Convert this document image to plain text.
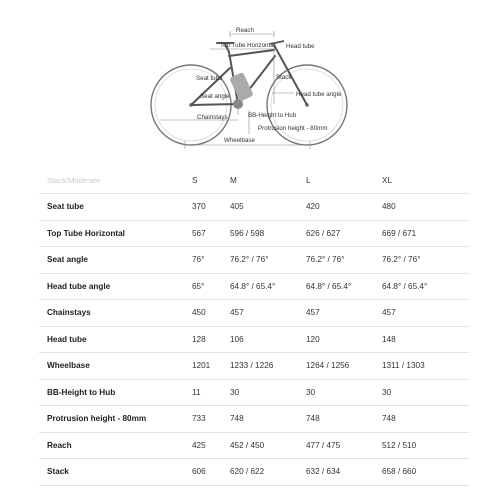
Reach
Top Tube Horizontal Head tube
Seat tube	Stack
Seat angle	Head tube angle
Chainstays	BB-Height to Hub
Protrusion height - 80mm
Wheelbase
Stack/Moderate	S	M	L	XL
Seat tube	370	405	420	480
Top Tube Horizontal	567	596 / 598	626 / 627	669 / 671
Seat angle	76°	76.2° / 76°	76.2° / 76°	76.2° / 76°
Head tube angle	65°	64.8° / 65.4°	64.8° / 65.4°	64.8° / 65.4°
Chainstays	450	457	457	457
Head tube	128	106	120	148
Wheelbase	1201	1233 / 1226	1264 / 1256	1311 / 1303
BB-Height to Hub	11	30	30	30
Protrusion height - 80mm	733	748	748	748
Reach	425	452 / 450	477 / 475	512 / 510
Stack	606	620 / 622	632 / 634	658 / 660
